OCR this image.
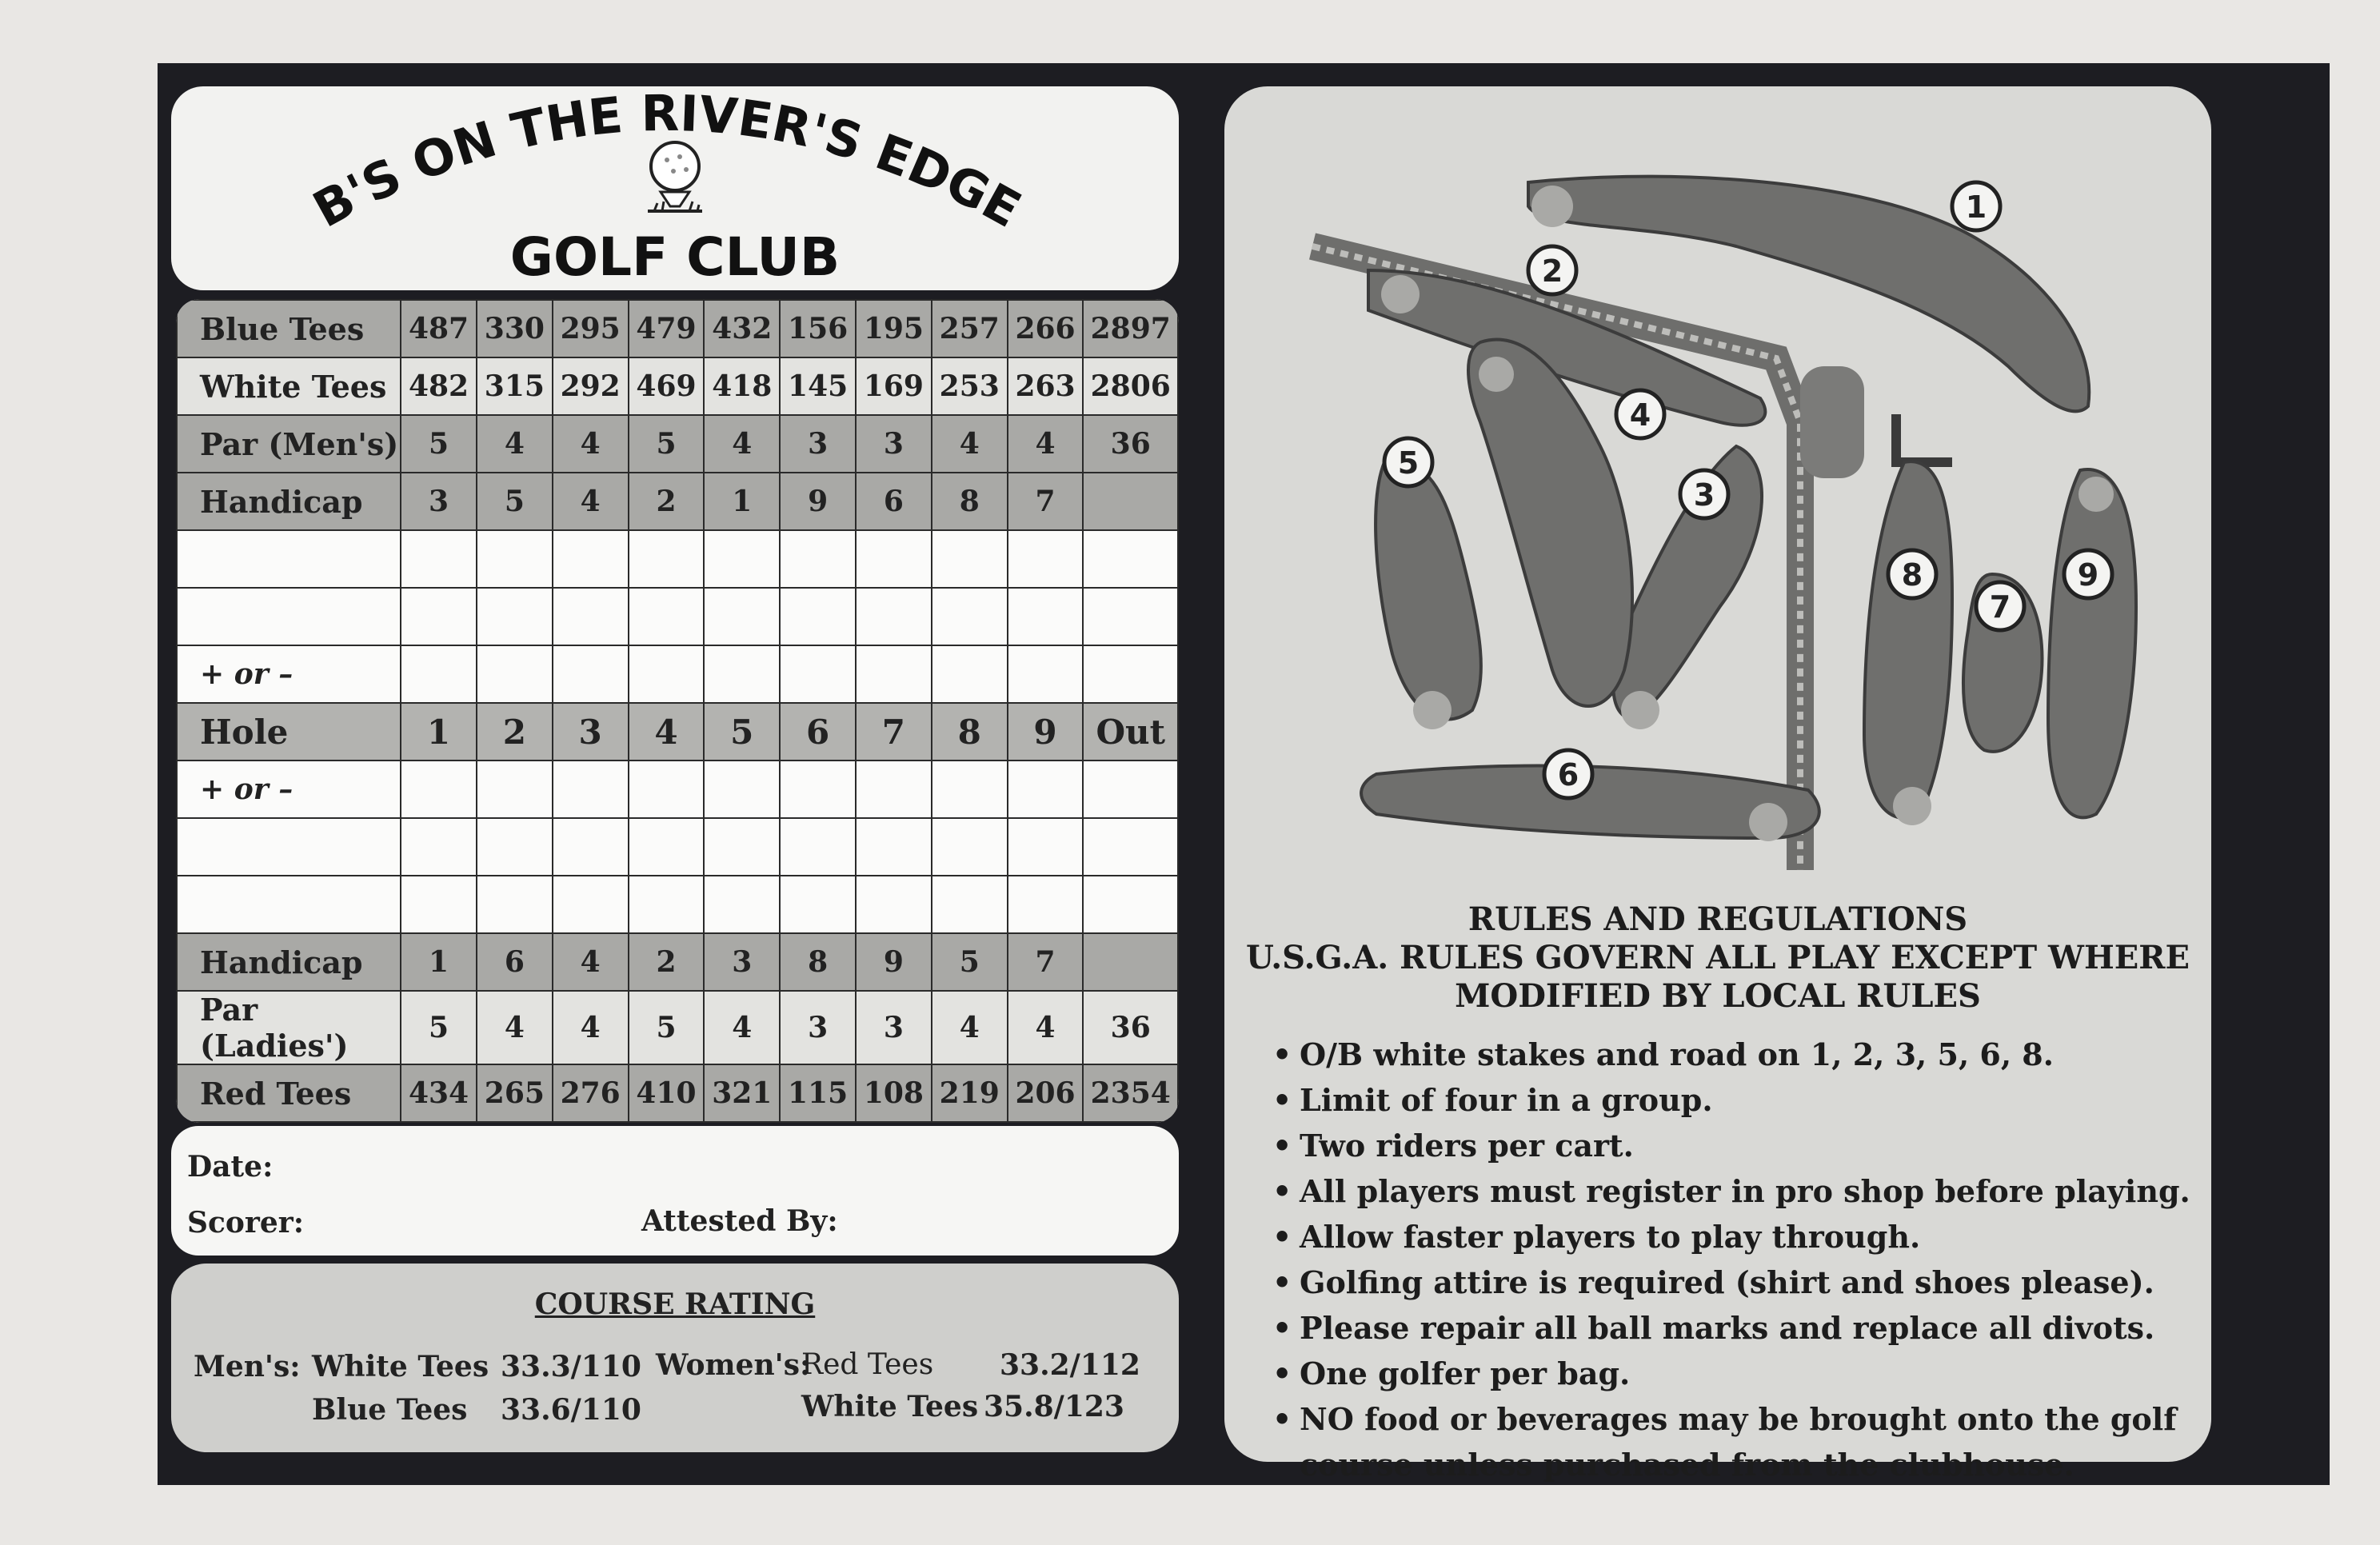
B'S ON THE RIVER'S EDGE
GOLF CLUB
Blue Tees	487	330	295	479	432	156	195	257	266	2897
White Tees	482	315	292	469	418	145	169	253	263	2806
Par (Men's)	5	4	4	5	4	3	3	4	4	36
Handicap	3	5	4	2	1	9	6	8	7	

+ or –										
Hole	1	2	3	4	5	6	7	8	9	Out
+ or –										

Handicap	1	6	4	2	3	8	9	5	7	
Par (Ladies')	5	4	4	5	4	3	3	4	4	36
Red Tees	434	265	276	410	321	115	108	219	206	2354
Date:
Scorer:	Attested By:
COURSE RATING
Men's: White Tees 33.3/110
Blue Tees 33.6/110
Women's:
Red Tees 33.2/112
White Tees 35.8/123
1
2
3
4
5
6
7
8	9
RULES AND REGULATIONS
U.S.G.A. RULES GOVERN ALL PLAY EXCEPT WHERE
MODIFIED BY LOCAL RULES
• O/B white stakes and road on 1, 2, 3, 5, 6, 8.
• Limit of four in a group.
• Two riders per cart.
• All players must register in pro shop before playing.
• Allow faster players to play through.
• Golfing attire is required (shirt and shoes please).
• Please repair all ball marks and replace all divots.
• One golfer per bag.
• NO food or beverages may be brought onto the golf course unless purchased from the clubhouse.
